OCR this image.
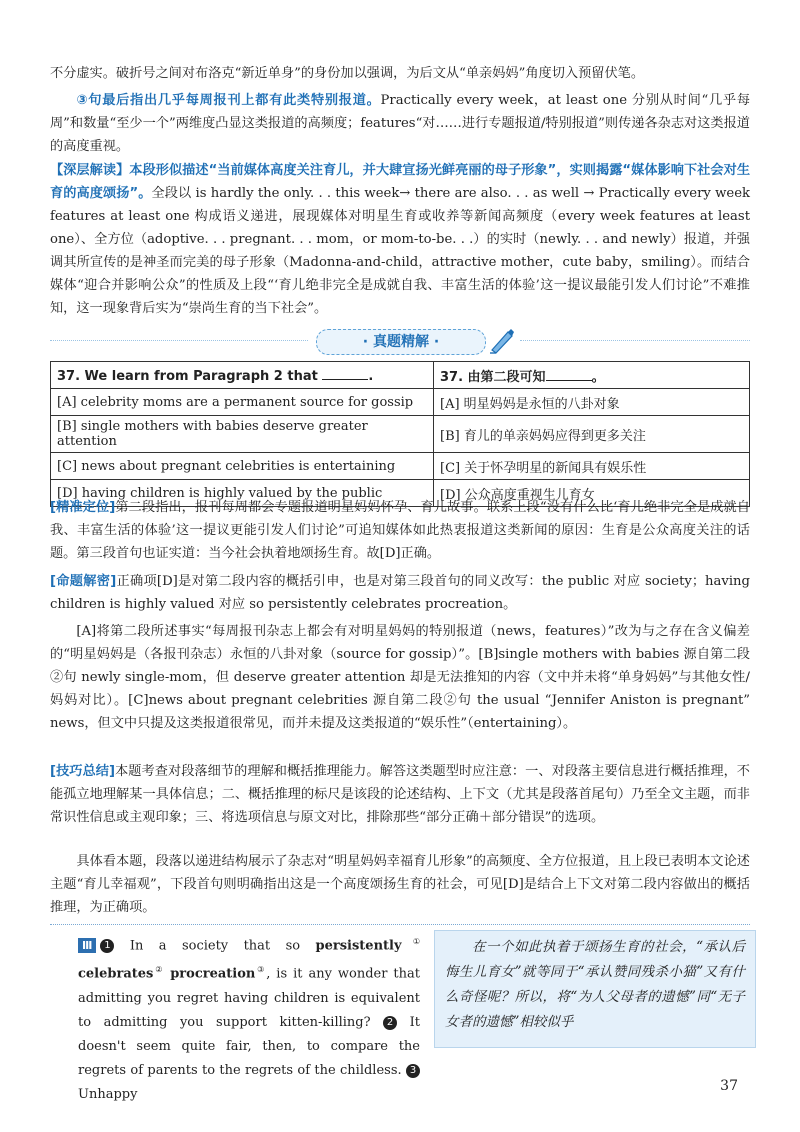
不分虚实。破折号之间对布洛克“新近单身”的身份加以强调，为后文从“单亲妈妈”角度切入预留伏笔。

③句最后指出几乎每周报刊上都有此类特别报道。Practically every week，at least one 分别从时间“几乎每周”和数量“至少一个”两维度凸显这类报道的高频度；features“对……进行专题报道/特别报道”则传递各杂志对这类报道的高度重视。

【深层解读】本段形似描述“当前媒体高度关注育儿，并大肆宣扬光鲜亮丽的母子形象”，实则揭露“媒体影响下社会对生育的高度颂扬”。全段以 is hardly the only. . . this week→ there are also. . . as well → Practically every week features at least one 构成语义递进，展现媒体对明星生育或收养等新闻高频度（every week features at least one）、全方位（adoptive. . . pregnant. . . mom，or mom-to-be. . .）的实时（newly. . . and newly）报道，并强调其所宣传的是神圣而完美的母子形象（Madonna-and-child，attractive mother，cute baby，smiling）。而结合媒体“迎合并影响公众”的性质及上段“‘育儿绝非完全是成就自我、丰富生活的体验’这一提议最能引发人们讨论”不难推知，这一现象背后实为“崇尚生育的当下社会”。

· 真题精解 ·
37. We learn from Paragraph 2 that .	37. 由第二段可知 。
[A] celebrity moms are a permanent source for gossip	[A] 明星妈妈是永恒的八卦对象
[B] single mothers with babies deserve greater attention	[B] 育儿的单亲妈妈应得到更多关注
[C] news about pregnant celebrities is entertaining	[C] 关于怀孕明星的新闻具有娱乐性
[D] having children is highly valued by the public	[D] 公众高度重视生儿育女

[精准定位]第二段指出，报刊每周都会专题报道明星妈妈怀孕、育儿故事。联系上段“没有什么比‘育儿绝非完全是成就自我、丰富生活的体验’这一提议更能引发人们讨论”可追知媒体如此热衷报道这类新闻的原因：生育是公众高度关注的话题。第三段首句也证实道：当今社会执着地颂扬生育。故[D]正确。

[命题解密]正确项[D]是对第二段内容的概括引申，也是对第三段首句的同义改写：the public 对应 society；having children is highly valued 对应 so persistently celebrates procreation。

[A]将第二段所述事实“每周报刊杂志上都会有对明星妈妈的特别报道（news，features）”改为与之存在含义偏差的“明星妈妈是（各报刊杂志）永恒的八卦对象（source for gossip）”。[B]single mothers with babies 源自第二段②句 newly single-mom，但 deserve greater attention 却是无法推知的内容（文中并未将“单身妈妈”与其他女性/妈妈对比）。[C]news about pregnant celebrities 源自第二段②句 the usual “Jennifer Aniston is pregnant” news，但文中只提及这类报道很常见，而并未提及这类报道的“娱乐性”（entertaining）。

[技巧总结]本题考查对段落细节的理解和概括推理能力。解答这类题型时应注意：一、对段落主要信息进行概括推理，不能孤立地理解某一具体信息；二、概括推理的标尺是该段的论述结构、上下文（尤其是段落首尾句）乃至全文主题，而非常识性信息或主观印象；三、将选项信息与原文对比，排除那些“部分正确＋部分错误”的选项。

具体看本题，段落以递进结构展示了杂志对“明星妈妈幸福育儿形象”的高频度、全方位报道，且上段已表明本文论述主题“育儿幸福观”，下段首句则明确指出这是一个高度颂扬生育的社会，可见[D]是结合上下文对第二段内容做出的概括推理，为正确项。

Ⅲ 1 In a society that so persistently① celebrates② procreation③, is it any wonder that admitting you regret having children is equivalent to admitting you support kitten-killing? 2 It doesn't seem quite fair, then, to compare the regrets of parents to the regrets of the childless. 3 Unhappy
在一个如此执着于颂扬生育的社会，“承认后悔生儿育女”就等同于“承认赞同残杀小猫”又有什么奇怪呢？所以，将“为人父母者的遗憾”同“无子女者的遗憾”相较似乎
37
